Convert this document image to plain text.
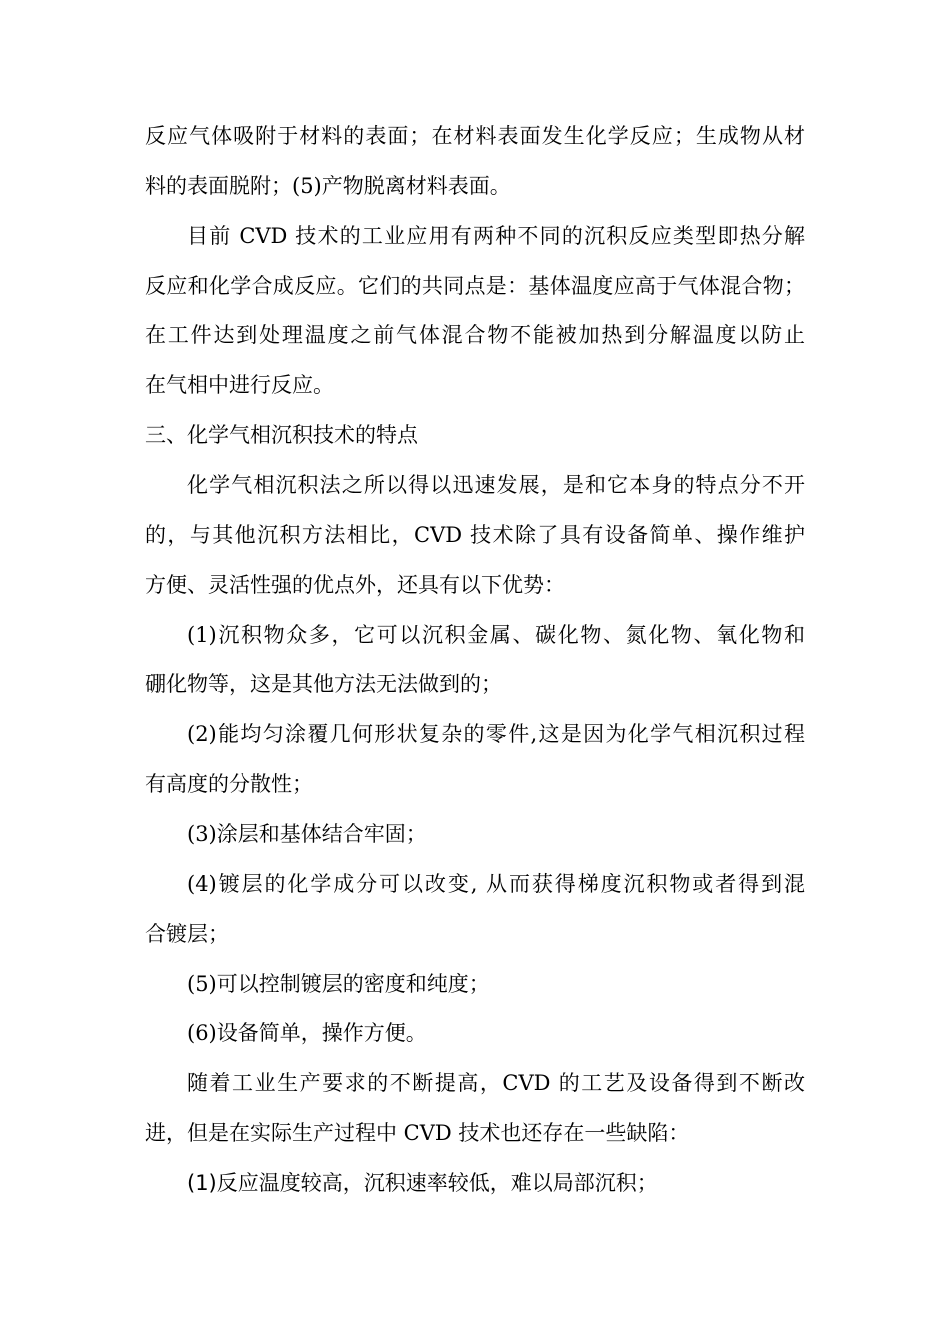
反应气体吸附于材料的表面；在材料表面发生化学反应；生成物从材
料的表面脱附；(5)产物脱离材料表面。
目前 CVD 技术的工业应用有两种不同的沉积反应类型即热分解
反应和化学合成反应。它们的共同点是：基体温度应高于气体混合物；
在工件达到处理温度之前气体混合物不能被加热到分解温度以防止
在气相中进行反应。
三、化学气相沉积技术的特点
化学气相沉积法之所以得以迅速发展，是和它本身的特点分不开
的，与其他沉积方法相比，CVD 技术除了具有设备简单、操作维护
方便、灵活性强的优点外，还具有以下优势：
(1)沉积物众多，它可以沉积金属、碳化物、氮化物、氧化物和
硼化物等，这是其他方法无法做到的；
(2)能均匀涂覆几何形状复杂的零件,这是因为化学气相沉积过程
有高度的分散性；
(3)涂层和基体结合牢固；
(4)镀层的化学成分可以改变, 从而获得梯度沉积物或者得到混
合镀层；
(5)可以控制镀层的密度和纯度；
(6)设备简单，操作方便。
随着工业生产要求的不断提高，CVD 的工艺及设备得到不断改
进，但是在实际生产过程中 CVD 技术也还存在一些缺陷：
(1)反应温度较高，沉积速率较低，难以局部沉积；
